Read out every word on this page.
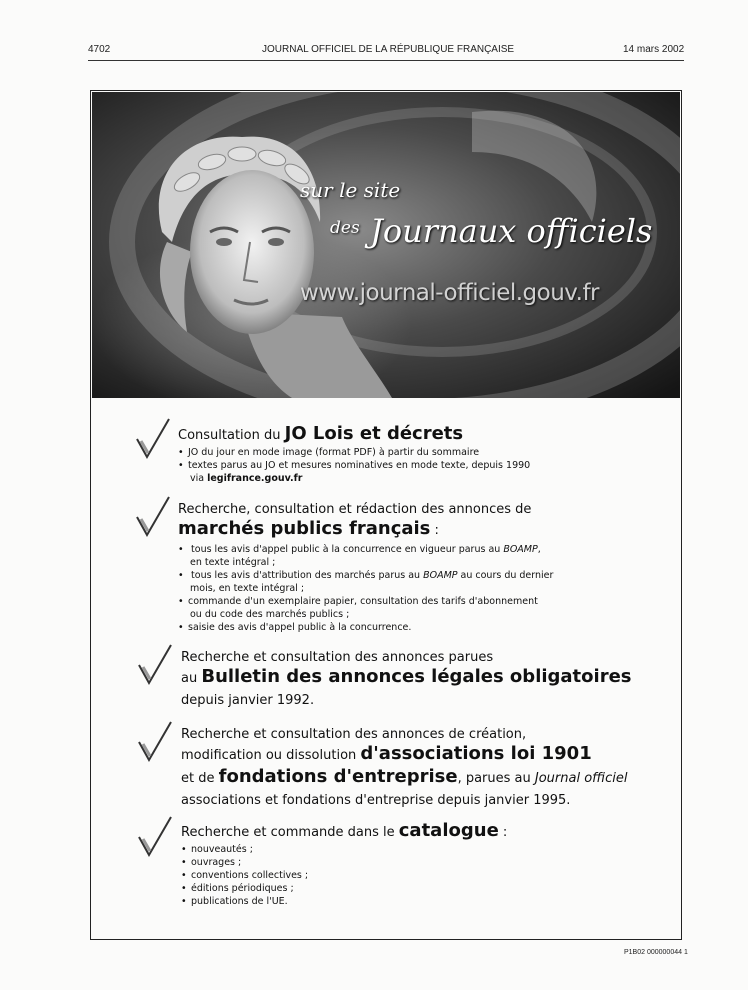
4702	JOURNAL OFFICIEL DE LA RÉPUBLIQUE FRANÇAISE	14 mars 2002
sur le site
des Journaux officiels
www.journal-officiel.gouv.fr
Consultation du JO Lois et décrets
• JO du jour en mode image (format PDF) à partir du sommaire
• textes parus au JO et mesures nominatives en mode texte, depuis 1990
via legifrance.gouv.fr
Recherche, consultation et rédaction des annonces de
marchés publics français :
• tous les avis d'appel public à la concurrence en vigueur parus au BOAMP,
en texte intégral ;
• tous les avis d'attribution des marchés parus au BOAMP au cours du dernier
mois, en texte intégral ;
• commande d'un exemplaire papier, consultation des tarifs d'abonnement
ou du code des marchés publics ;
• saisie des avis d'appel public à la concurrence.
Recherche et consultation des annonces parues
au Bulletin des annonces légales obligatoires
depuis janvier 1992.
Recherche et consultation des annonces de création,
modification ou dissolution d'associations loi 1901
et de fondations d'entreprise, parues au Journal officiel
associations et fondations d'entreprise depuis janvier 1995.
Recherche et commande dans le catalogue :
• nouveautés ;
• ouvrages ;
• conventions collectives ;
• éditions périodiques ;
• publications de l'UE.
P1B02 000000044 1
